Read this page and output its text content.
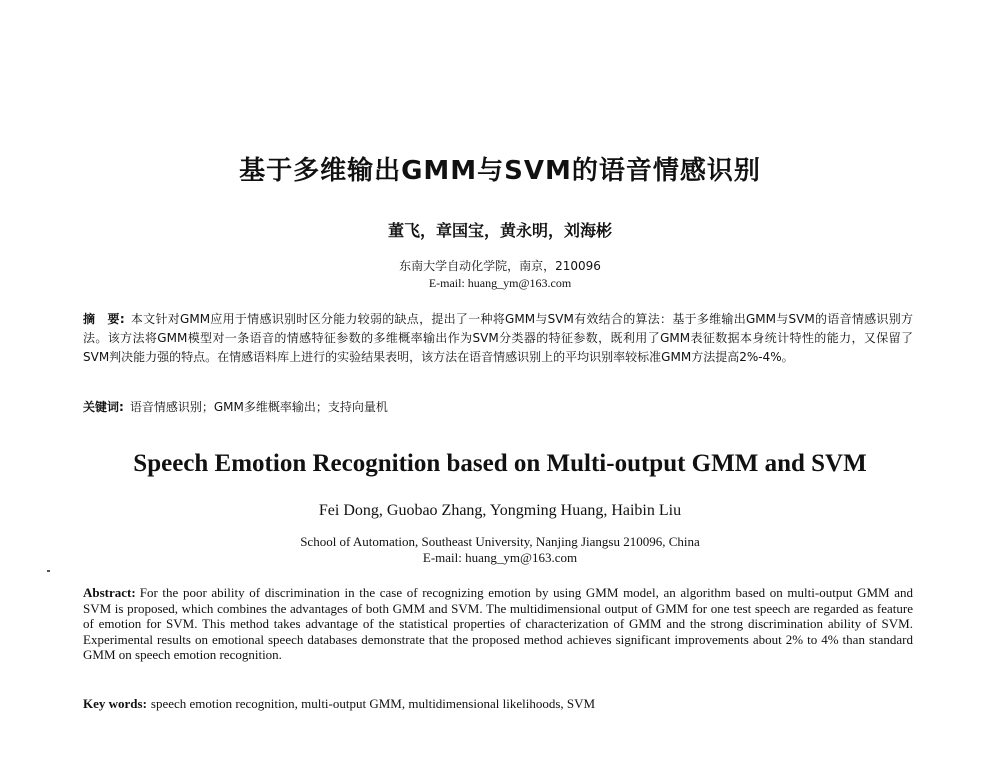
基于多维输出GMM与SVM的语音情感识别
董飞，章国宝，黄永明，刘海彬
东南大学自动化学院，南京，210096
E-mail: huang_ym@163.com
摘　要: 本文针对GMM应用于情感识别时区分能力较弱的缺点，提出了一种将GMM与SVM有效结合的算法：基于多维输出GMM与SVM的语音情感识别方法。该方法将GMM模型对一条语音的情感特征参数的多维概率输出作为SVM分类器的特征参数，既利用了GMM表征数据本身统计特性的能力，又保留了SVM判决能力强的特点。在情感语料库上进行的实验结果表明，该方法在语音情感识别上的平均识别率较标准GMM方法提高2%-4%。
关键词: 语音情感识别；GMM多维概率输出；支持向量机
Speech Emotion Recognition based on Multi-output GMM and SVM
Fei Dong, Guobao Zhang, Yongming Huang, Haibin Liu
School of Automation, Southeast University, Nanjing Jiangsu 210096, China
E-mail: huang_ym@163.com
Abstract: For the poor ability of discrimination in the case of recognizing emotion by using GMM model, an algorithm based on multi-output GMM and SVM is proposed, which combines the advantages of both GMM and SVM. The multidimensional output of GMM for one test speech are regarded as feature of emotion for SVM. This method takes advantage of the statistical properties of characterization of GMM and the strong discrimination ability of SVM. Experimental results on emotional speech databases demonstrate that the proposed method achieves significant improvements about 2% to 4% than standard GMM on speech emotion recognition.
Key words: speech emotion recognition, multi-output GMM, multidimensional likelihoods, SVM
